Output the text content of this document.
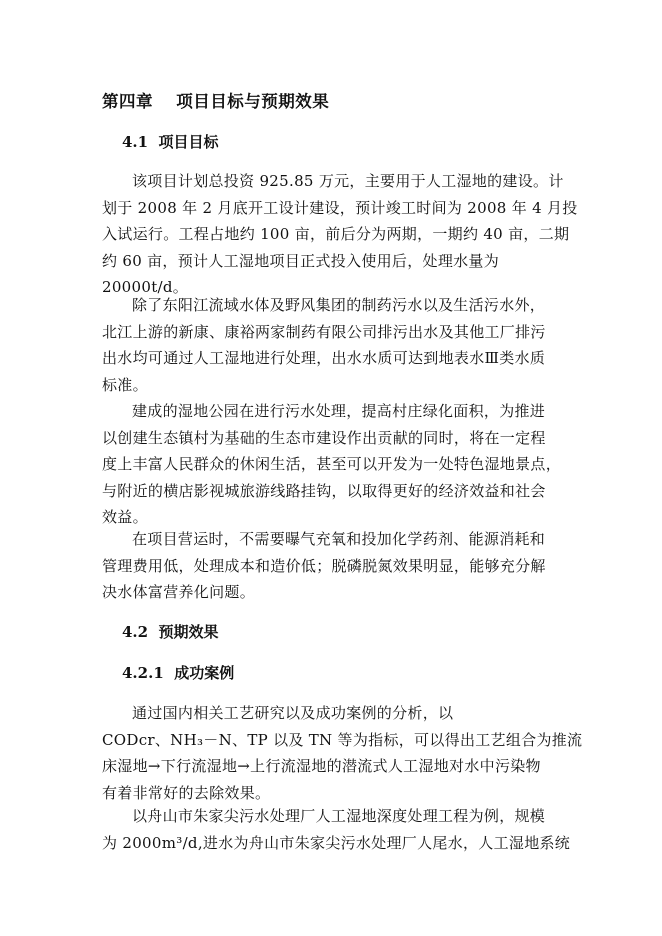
第四章　 项目目标与预期效果
4.1  项目目标
该项目计划总投资 925.85 万元，主要用于人工湿地的建设。计
划于 2008 年 2 月底开工设计建设，预计竣工时间为 2008 年 4 月投
入试运行。工程占地约 100 亩，前后分为两期，一期约 40 亩，二期
约 60 亩，预计人工湿地项目正式投入使用后，处理水量为
20000t/d。
除了东阳江流域水体及野风集团的制药污水以及生活污水外，
北江上游的新康、康裕两家制药有限公司排污出水及其他工厂排污
出水均可通过人工湿地进行处理，出水水质可达到地表水Ⅲ类水质
标准。
建成的湿地公园在进行污水处理，提高村庄绿化面积，为推进
以创建生态镇村为基础的生态市建设作出贡献的同时，将在一定程
度上丰富人民群众的休闲生活，甚至可以开发为一处特色湿地景点，
与附近的横店影视城旅游线路挂钩，以取得更好的经济效益和社会
效益。
在项目营运时，不需要曝气充氧和投加化学药剂、能源消耗和
管理费用低，处理成本和造价低；脱磷脱氮效果明显，能够充分解
决水体富营养化问题。
4.2  预期效果
4.2.1  成功案例
通过国内相关工艺研究以及成功案例的分析，以
CODcr、NH₃－N、TP 以及 TN 等为指标，可以得出工艺组合为推流
床湿地→下行流湿地→上行流湿地的潜流式人工湿地对水中污染物
有着非常好的去除效果。
以舟山市朱家尖污水处理厂人工湿地深度处理工程为例，规模
为 2000m³/d,进水为舟山市朱家尖污水处理厂人尾水，人工湿地系统
